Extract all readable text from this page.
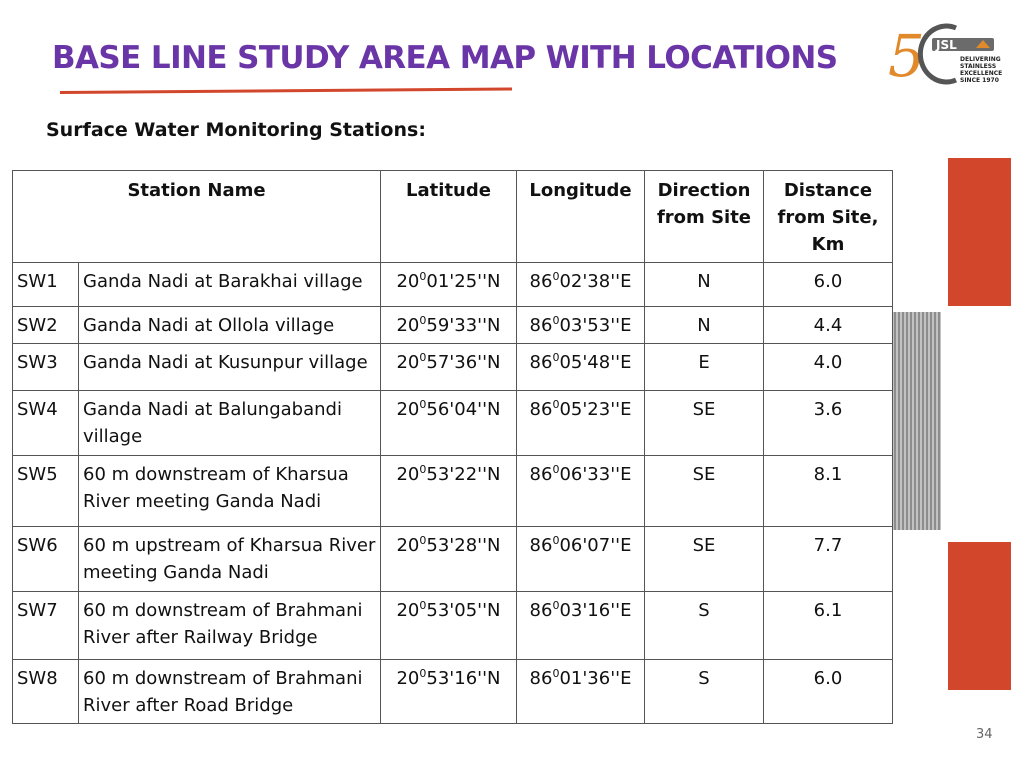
BASE LINE STUDY AREA MAP WITH LOCATIONS
Surface Water Monitoring Stations:
5 JSL
DELIVERING
STAINLESS EXCELLENCE
SINCE 1970
Station Name		Latitude	Longitude	Direction from Site	Distance from Site, Km
SW1	Ganda Nadi at Barakhai village	$20^001'25''N$	$86^002'38''E$	N	6.0
SW2	Ganda Nadi at Ollola village	$20^059'33''N$	$86^003'53''E$	N	4.4
SW3	Ganda Nadi at Kusunpur village	$20^057'36''N$	$86^005'48''E$	E	4.0
SW4	Ganda Nadi at Balungabandi village	$20^056'04''N$	$86^005'23''E$	SE	3.6
SW5	60 m downstream of Kharsua River meeting Ganda Nadi	$20^053'22''N$	$86^006'33''E$	SE	8.1
SW6	60 m upstream of Kharsua River meeting Ganda Nadi	$20^053'28''N$	$86^006'07''E$	SE	7.7
SW7	60 m downstream of Brahmani River after Railway Bridge	$20^053'05''N$	$86^003'16''E$	S	6.1
SW8	60 m downstream of Brahmani River after Road Bridge	$20^053'16''N$	$86^001'36''E$	S	6.0
34
